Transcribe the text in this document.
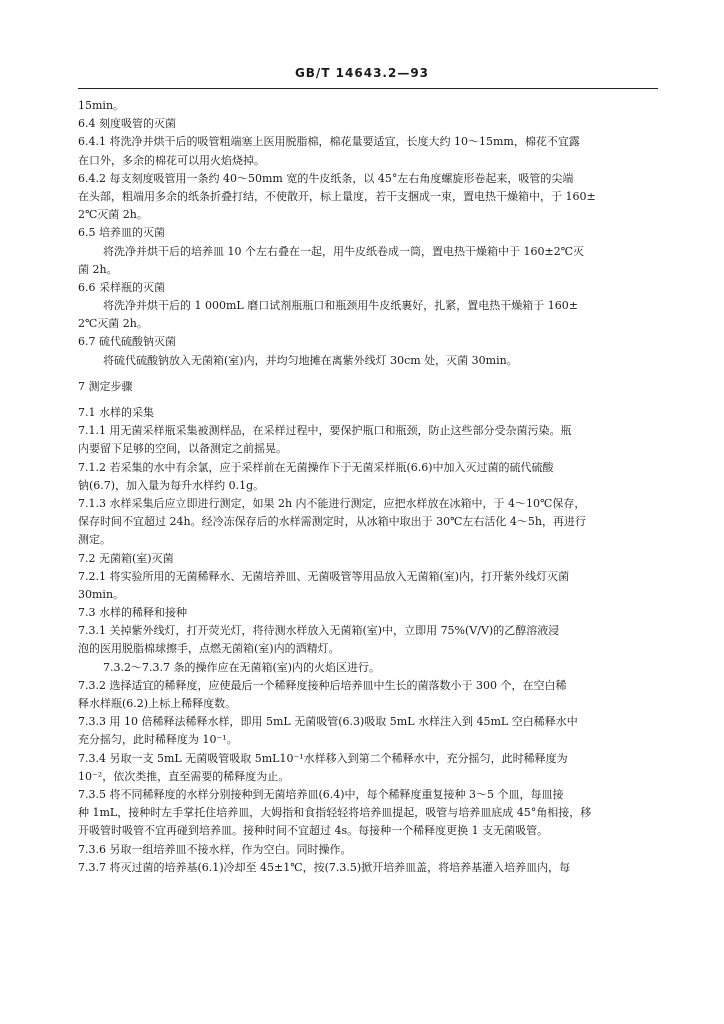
GB/T 14643.2—93
15min。
6.4 刻度吸管的灭菌
6.4.1 将洗净并烘干后的吸管粗端塞上医用脱脂棉，棉花量要适宜，长度大约 10～15mm，棉花不宜露
在口外，多余的棉花可以用火焰烧掉。
6.4.2 每支刻度吸管用一条约 40～50mm 宽的牛皮纸条，以 45°左右角度螺旋形卷起来，吸管的尖端
在头部，粗端用多余的纸条折叠打结，不使散开，标上量度，若干支捆成一束，置电热干燥箱中，于 160±
2℃灭菌 2h。
6.5 培养皿的灭菌
将洗净并烘干后的培养皿 10 个左右叠在一起，用牛皮纸卷成一筒，置电热干燥箱中于 160±2℃灭
菌 2h。
6.6 采样瓶的灭菌
将洗净并烘干后的 1 000mL 磨口试剂瓶瓶口和瓶颈用牛皮纸裹好，扎紧，置电热干燥箱于 160±
2℃灭菌 2h。
6.7 硫代硫酸钠灭菌
将硫代硫酸钠放入无菌箱(室)内，并均匀地摊在离紫外线灯 30cm 处，灭菌 30min。
7 测定步骤
7.1 水样的采集
7.1.1 用无菌采样瓶采集被测样品，在采样过程中，要保护瓶口和瓶颈，防止这些部分受杂菌污染。瓶
内要留下足够的空间，以备测定之前摇晃。
7.1.2 若采集的水中有余氯，应于采样前在无菌操作下于无菌采样瓶(6.6)中加入灭过菌的硫代硫酸
钠(6.7)，加入量为每升水样约 0.1g。
7.1.3 水样采集后应立即进行测定，如果 2h 内不能进行测定，应把水样放在冰箱中，于 4～10℃保存，
保存时间不宜超过 24h。经冷冻保存后的水样需测定时，从冰箱中取出于 30℃左右活化 4～5h，再进行
测定。
7.2 无菌箱(室)灭菌
7.2.1 将实验所用的无菌稀释水、无菌培养皿、无菌吸管等用品放入无菌箱(室)内，打开紫外线灯灭菌
30min。
7.3 水样的稀释和接种
7.3.1 关掉紫外线灯，打开荧光灯，将待测水样放入无菌箱(室)中，立即用 75%(V/V)的乙醇溶液浸
泡的医用脱脂棉球擦手，点燃无菌箱(室)内的酒精灯。
7.3.2～7.3.7 条的操作应在无菌箱(室)内的火焰区进行。
7.3.2 选择适宜的稀释度，应使最后一个稀释度接种后培养皿中生长的菌落数小于 300 个，在空白稀
释水样瓶(6.2)上标上稀释度数。
7.3.3 用 10 倍稀释法稀释水样，即用 5mL 无菌吸管(6.3)吸取 5mL 水样注入到 45mL 空白稀释水中
充分摇匀，此时稀释度为 10⁻¹。
7.3.4 另取一支 5mL 无菌吸管吸取 5mL10⁻¹水样移入到第二个稀释水中，充分摇匀，此时稀释度为
10⁻²，依次类推，直至需要的稀释度为止。
7.3.5 将不同稀释度的水样分别接种到无菌培养皿(6.4)中，每个稀释度重复接种 3～5 个皿，每皿接
种 1mL，接种时左手掌托住培养皿，大姆指和食指轻轻将培养皿提起，吸管与培养皿底成 45°角相接，移
开吸管时吸管不宜再碰到培养皿。接种时间不宜超过 4s。每接种一个稀释度更换 1 支无菌吸管。
7.3.6 另取一组培养皿不接水样，作为空白。同时操作。
7.3.7 将灭过菌的培养基(6.1)冷却至 45±1℃，按(7.3.5)掀开培养皿盖，将培养基灌入培养皿内，每
